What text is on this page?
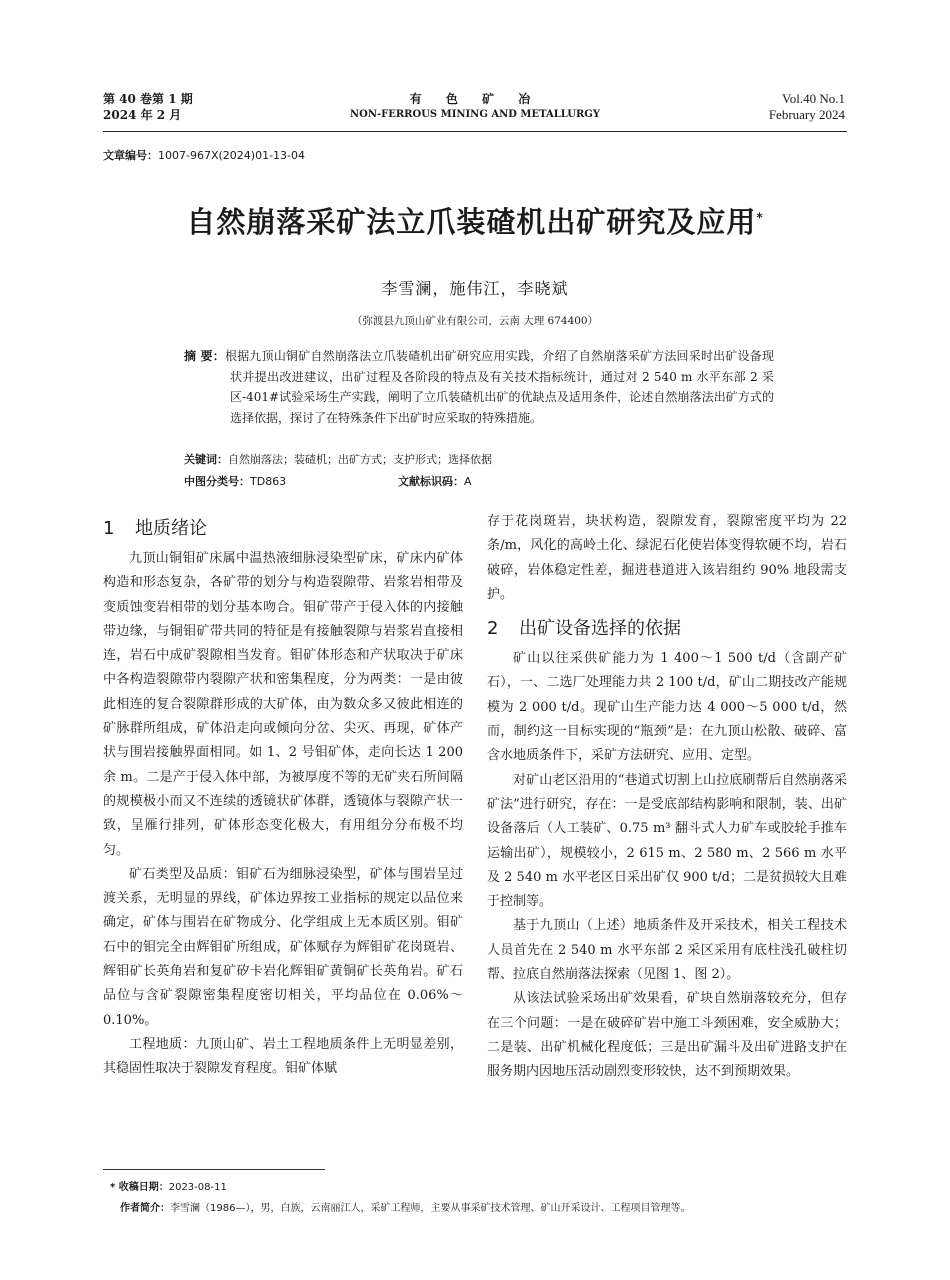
第 40 卷第 1 期
2024 年 2 月
有 色 矿 冶
NON-FERROUS MINING AND METALLURGY
Vol.40 No.1
February 2024
文章编号：1007-967X(2024)01-13-04
自然崩落采矿法立爪装碴机出矿研究及应用*
李雪澜，施伟江，李晓斌
（弥渡县九顶山矿业有限公司，云南 大理 674400）
摘 要：根据九顶山铜矿自然崩落法立爪装碴机出矿研究应用实践，介绍了自然崩落采矿方法回采时出矿设备现状并提出改进建议，出矿过程及各阶段的特点及有关技术指标统计，通过对 2 540 m 水平东部 2 采区-401#试验采场生产实践，阐明了立爪装碴机出矿的优缺点及适用条件，论述自然崩落法出矿方式的选择依据，探讨了在特殊条件下出矿时应采取的特殊措施。
关键词：自然崩落法；装碴机；出矿方式；支护形式；选择依据
中图分类号：TD863	文献标识码：A
1 地质绪论

九顶山铜钼矿床属中温热液细脉浸染型矿床，矿床内矿体构造和形态复杂，各矿带的划分与构造裂隙带、岩浆岩相带及变质蚀变岩相带的划分基本吻合。钼矿带产于侵入体的内接触带边缘，与铜钼矿带共同的特征是有接触裂隙与岩浆岩直接相连，岩石中成矿裂隙相当发育。钼矿体形态和产状取决于矿床中各构造裂隙带内裂隙产状和密集程度，分为两类：一是由彼此相连的复合裂隙群形成的大矿体，由为数众多又彼此相连的矿脉群所组成，矿体沿走向或倾向分岔、尖灭、再现，矿体产状与围岩接触界面相同。如 1、2 号钼矿体，走向长达 1 200 余 m。二是产于侵入体中部，为被厚度不等的无矿夹石所间隔的规模极小而又不连续的透镜状矿体群，透镜体与裂隙产状一致，呈雁行排列，矿体形态变化极大，有用组分分布极不均匀。

矿石类型及品质：钼矿石为细脉浸染型，矿体与围岩呈过渡关系，无明显的界线，矿体边界按工业指标的规定以品位来确定，矿体与围岩在矿物成分、化学组成上无本质区别。钼矿石中的钼完全由辉钼矿所组成，矿体赋存为辉钼矿花岗斑岩、辉钼矿长英角岩和复矿矽卡岩化辉钼矿黄铜矿长英角岩。矿石品位与含矿裂隙密集程度密切相关，平均品位在 0.06%～0.10%。

工程地质：九顶山矿、岩土工程地质条件上无明显差别，其稳固性取决于裂隙发育程度。钼矿体赋

存于花岗斑岩，块状构造，裂隙发育，裂隙密度平均为 22 条/m，风化的高岭土化、绿泥石化使岩体变得软硬不均，岩石破碎，岩体稳定性差，掘进巷道进入该岩组约 90% 地段需支护。

2 出矿设备选择的依据

矿山以往采供矿能力为 1 400～1 500 t/d（含副产矿石），一、二选厂处理能力共 2 100 t/d，矿山二期技改产能规模为 2 000 t/d。现矿山生产能力达 4 000～5 000 t/d，然而，制约这一目标实现的“瓶颈”是：在九顶山松散、破碎、富含水地质条件下，采矿方法研究、应用、定型。

对矿山老区沿用的“巷道式切割上山拉底刷帮后自然崩落采矿法”进行研究，存在：一是受底部结构影响和限制，装、出矿设备落后（人工装矿、0.75 m³ 翻斗式人力矿车或胶轮手推车运输出矿），规模较小，2 615 m、2 580 m、2 566 m 水平及 2 540 m 水平老区日采出矿仅 900 t/d；二是贫损较大且难于控制等。

基于九顶山（上述）地质条件及开采技术，相关工程技术人员首先在 2 540 m 水平东部 2 采区采用有底柱浅孔破柱切帮、拉底自然崩落法探索（见图 1、图 2）。

从该法试验采场出矿效果看，矿块自然崩落较充分，但存在三个问题：一是在破碎矿岩中施工斗颈困难，安全威胁大；二是装、出矿机械化程度低；三是出矿漏斗及出矿进路支护在服务期内因地压活动剧烈变形较快，达不到预期效果。

* 收稿日期：2023-08-11
作者简介：李雪澜（1986—），男，白族，云南丽江人，采矿工程师，主要从事采矿技术管理、矿山开采设计、工程项目管理等。
